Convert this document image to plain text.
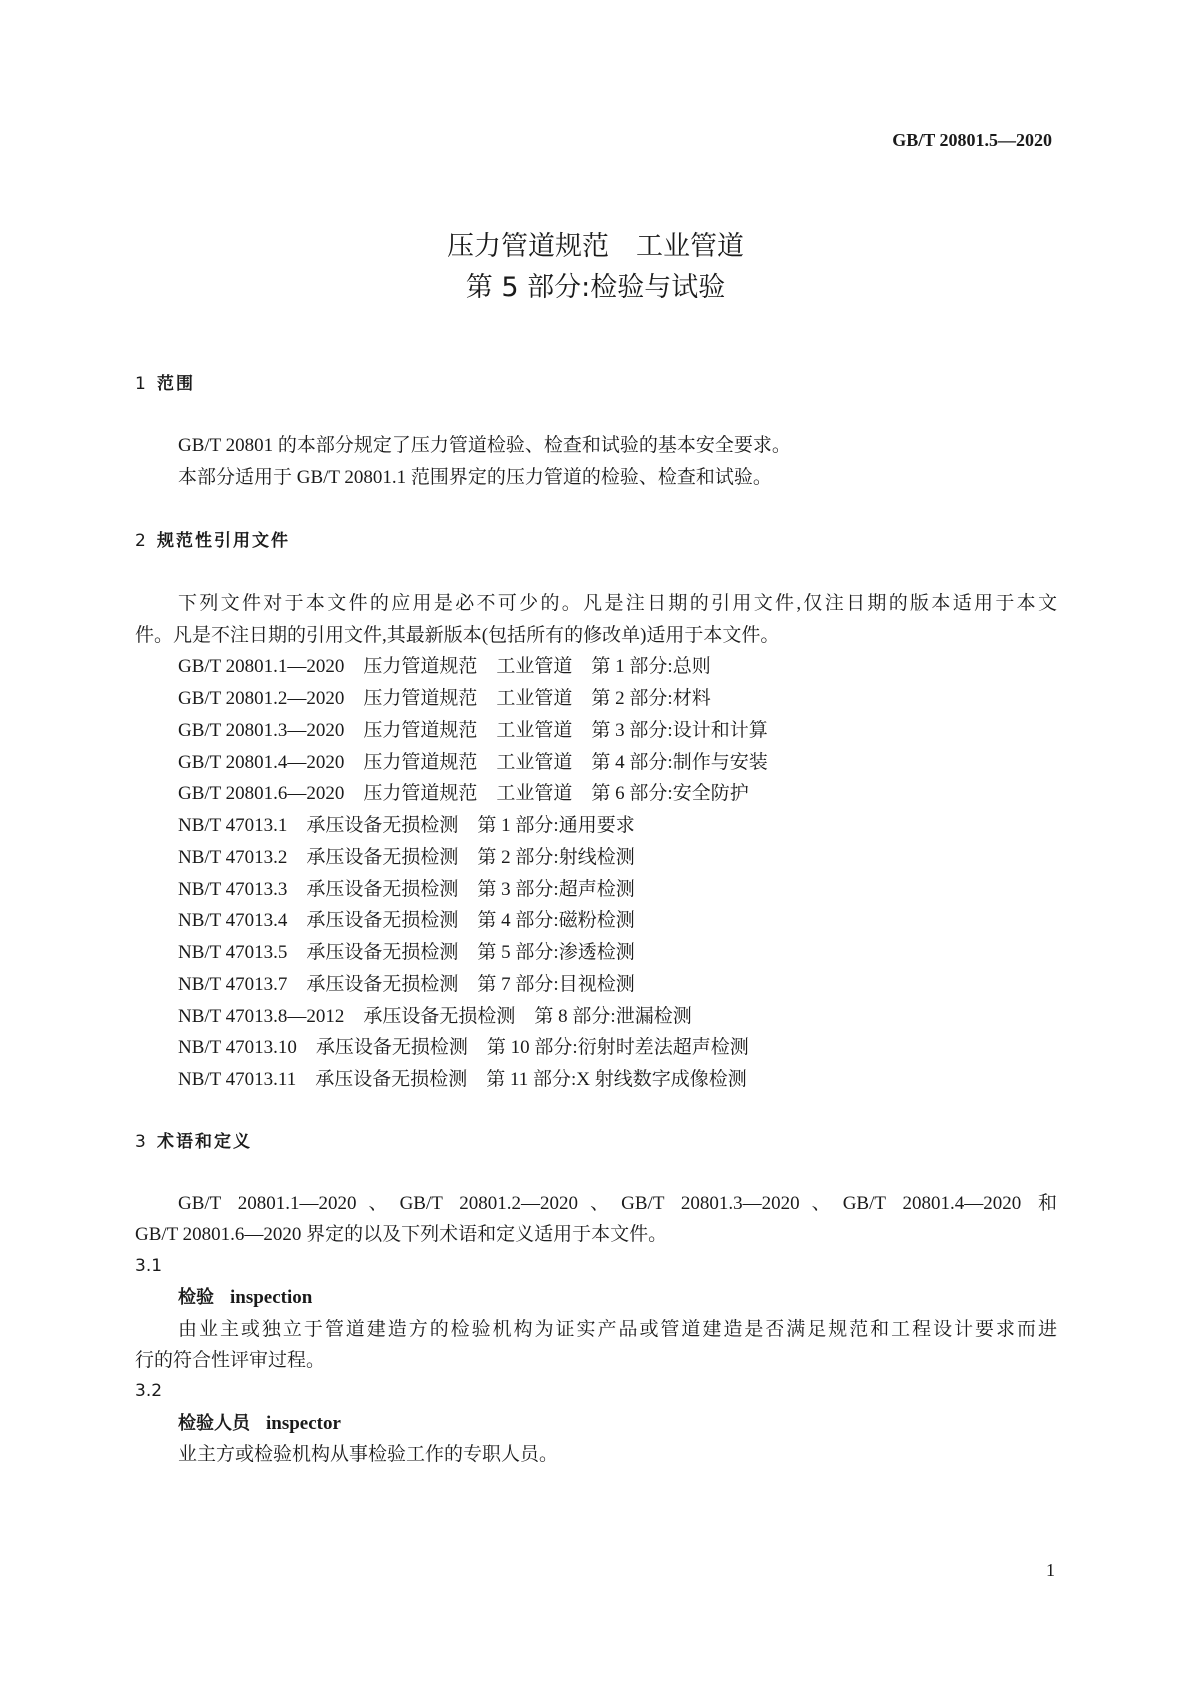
GB/T 20801.5—2020
压力管道规范　工业管道
第 5 部分:检验与试验
1 范围
GB/T 20801 的本部分规定了压力管道检验、检查和试验的基本安全要求。
本部分适用于 GB/T 20801.1 范围界定的压力管道的检验、检查和试验。
2 规范性引用文件
下列文件对于本文件的应用是必不可少的。凡是注日期的引用文件,仅注日期的版本适用于本文
件。凡是不注日期的引用文件,其最新版本(包括所有的修改单)适用于本文件。
GB/T 20801.1—2020　压力管道规范　工业管道　第 1 部分:总则
GB/T 20801.2—2020　压力管道规范　工业管道　第 2 部分:材料
GB/T 20801.3—2020　压力管道规范　工业管道　第 3 部分:设计和计算
GB/T 20801.4—2020　压力管道规范　工业管道　第 4 部分:制作与安装
GB/T 20801.6—2020　压力管道规范　工业管道　第 6 部分:安全防护
NB/T 47013.1　承压设备无损检测　第 1 部分:通用要求
NB/T 47013.2　承压设备无损检测　第 2 部分:射线检测
NB/T 47013.3　承压设备无损检测　第 3 部分:超声检测
NB/T 47013.4　承压设备无损检测　第 4 部分:磁粉检测
NB/T 47013.5　承压设备无损检测　第 5 部分:渗透检测
NB/T 47013.7　承压设备无损检测　第 7 部分:目视检测
NB/T 47013.8—2012　承压设备无损检测　第 8 部分:泄漏检测
NB/T 47013.10　承压设备无损检测　第 10 部分:衍射时差法超声检测
NB/T 47013.11　承压设备无损检测　第 11 部分:X 射线数字成像检测
3 术语和定义
GB/T 20801.1—2020、GB/T 20801.2—2020、GB/T 20801.3—2020、GB/T 20801.4—2020 和
GB/T 20801.6—2020 界定的以及下列术语和定义适用于本文件。
3.1
检验 inspection
由业主或独立于管道建造方的检验机构为证实产品或管道建造是否满足规范和工程设计要求而进
行的符合性评审过程。
3.2
检验人员 inspector
业主方或检验机构从事检验工作的专职人员。
1
